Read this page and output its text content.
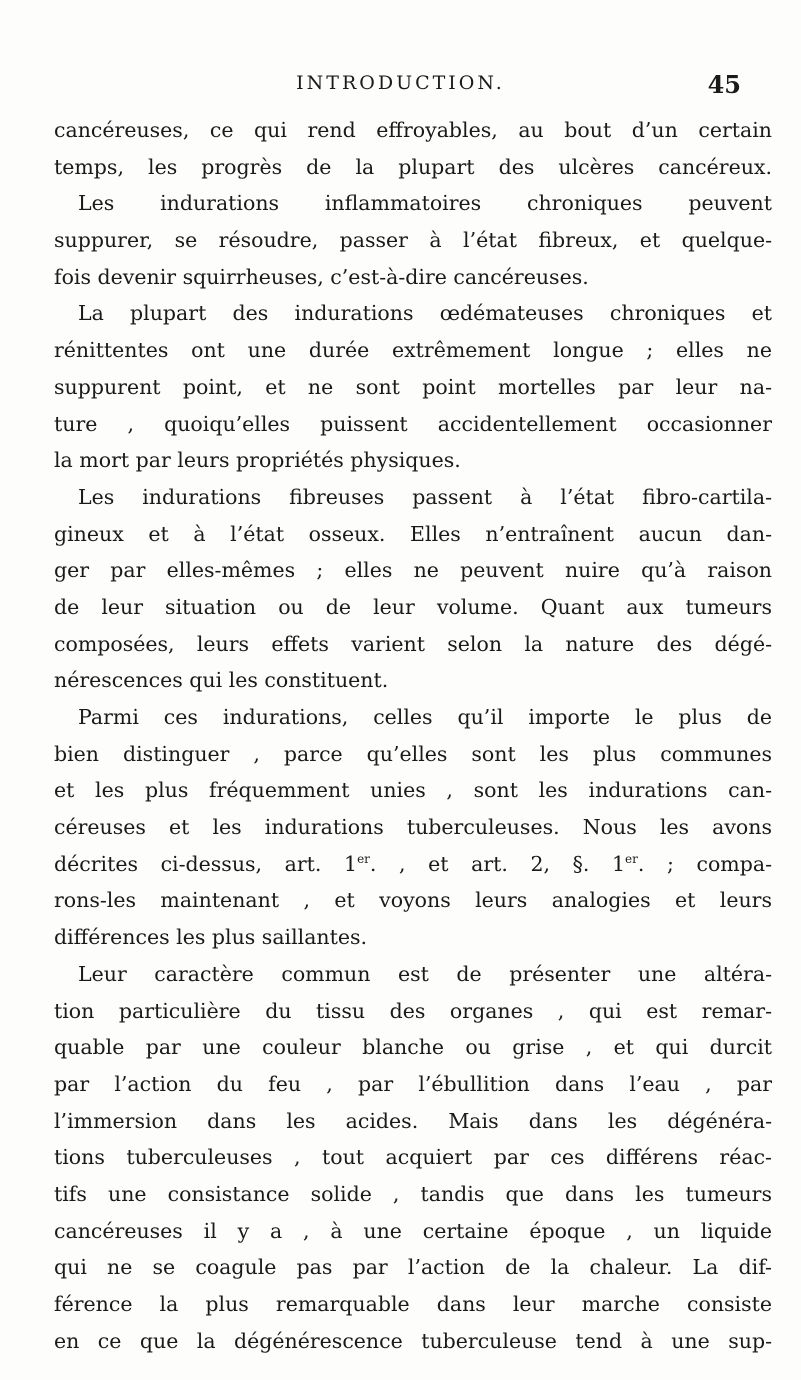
INTRODUCTION.	45
cancéreuses, ce qui rend effroyables, au bout d’un certain
temps, les progrès de la plupart des ulcères cancéreux.
Les indurations inflammatoires chroniques peuvent
suppurer, se résoudre, passer à l’état fibreux, et quelque-
fois devenir squirrheuses, c’est-à-dire cancéreuses.
La plupart des indurations œdémateuses chroniques et
rénittentes ont une durée extrêmement longue ; elles ne
suppurent point, et ne sont point mortelles par leur na-
ture , quoiqu’elles puissent accidentellement occasionner
la mort par leurs propriétés physiques.
Les indurations fibreuses passent à l’état fibro-cartila-
gineux et à l’état osseux. Elles n’entraînent aucun dan-
ger par elles-mêmes ; elles ne peuvent nuire qu’à raison
de leur situation ou de leur volume. Quant aux tumeurs
composées, leurs effets varient selon la nature des dégé-
nérescences qui les constituent.
Parmi ces indurations, celles qu’il importe le plus de
bien distinguer , parce qu’elles sont les plus communes
et les plus fréquemment unies , sont les indurations can-
céreuses et les indurations tuberculeuses. Nous les avons
décrites ci-dessus, art. 1er. , et art. 2, §. 1er. ; compa-
rons-les maintenant , et voyons leurs analogies et leurs
différences les plus saillantes.
Leur caractère commun est de présenter une altéra-
tion particulière du tissu des organes , qui est remar-
quable par une couleur blanche ou grise , et qui durcit
par l’action du feu , par l’ébullition dans l’eau , par
l’immersion dans les acides. Mais dans les dégénéra-
tions tuberculeuses , tout acquiert par ces différens réac-
tifs une consistance solide , tandis que dans les tumeurs
cancéreuses il y a , à une certaine époque , un liquide
qui ne se coagule pas par l’action de la chaleur. La dif-
férence la plus remarquable dans leur marche consiste
en ce que la dégénérescence tuberculeuse tend à une sup-
